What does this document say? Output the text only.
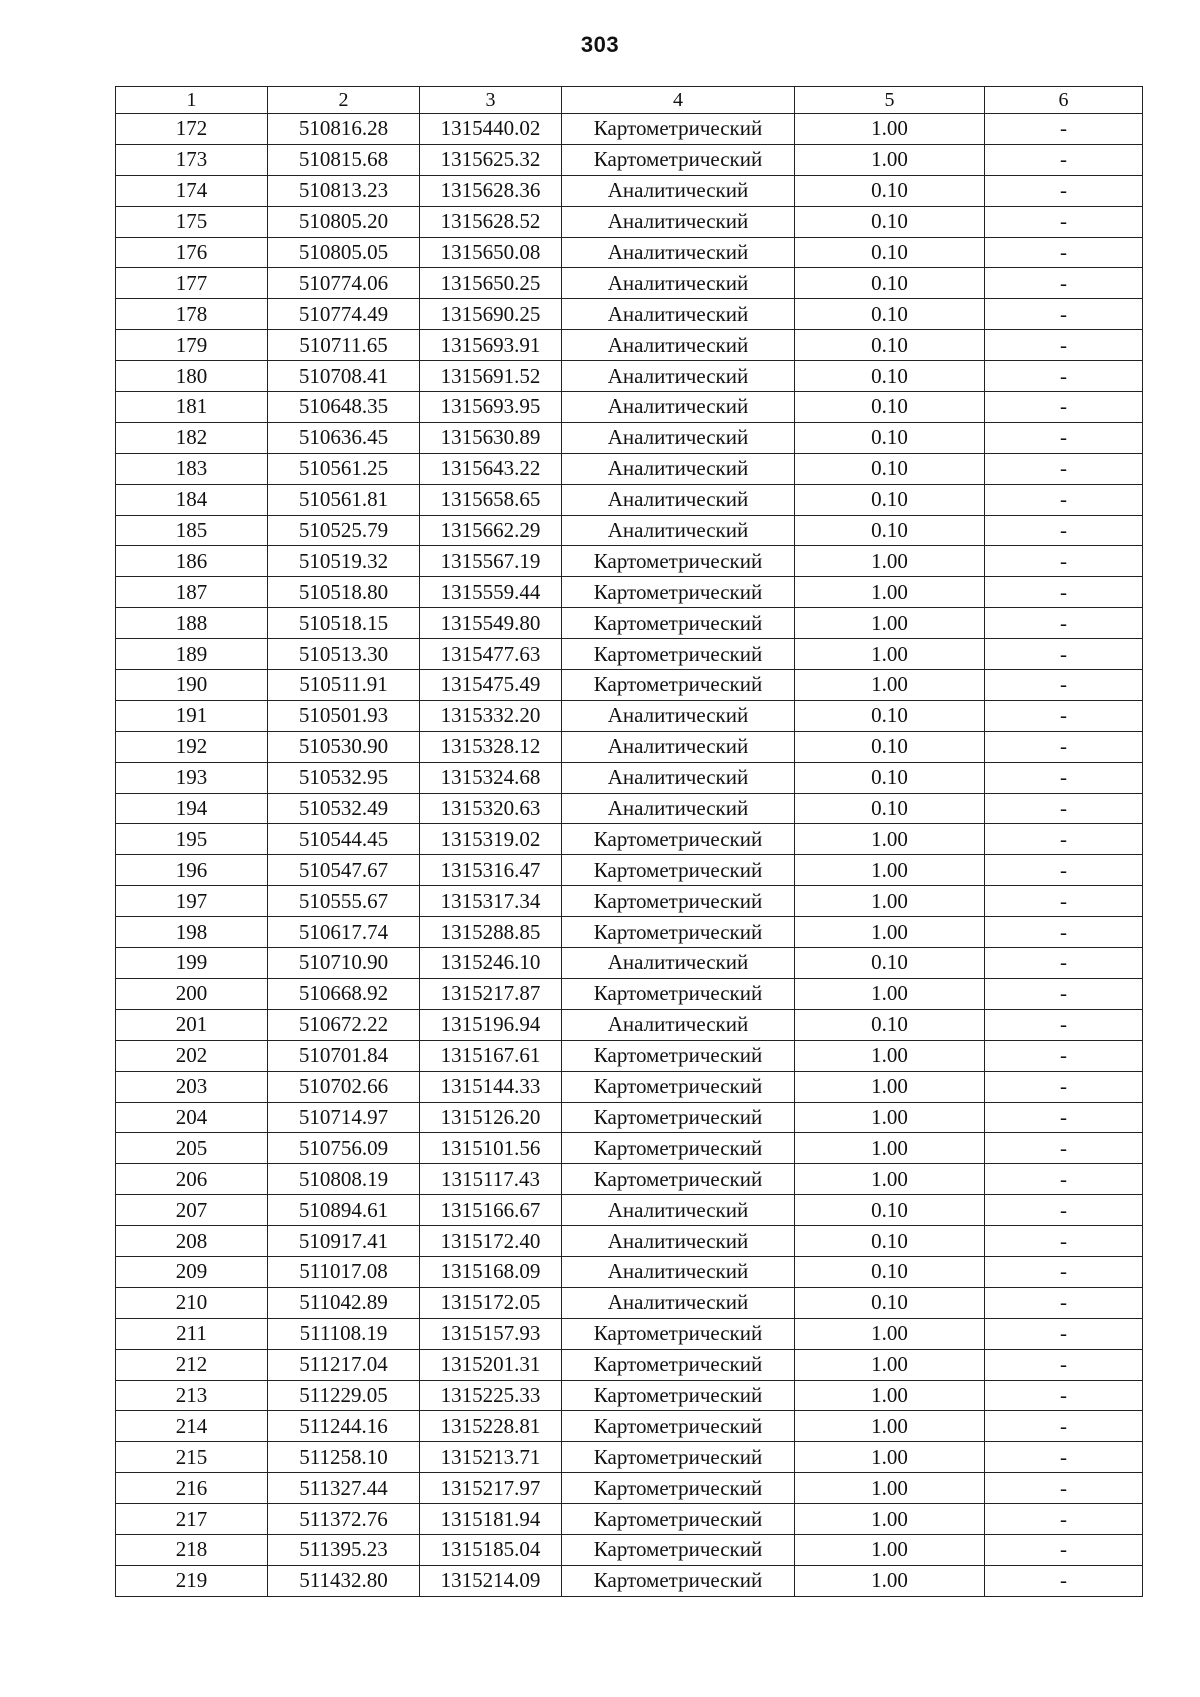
303
1	2	3	4	5	6
172	510816.28	1315440.02	Картометрический	1.00	-
173	510815.68	1315625.32	Картометрический	1.00	-
174	510813.23	1315628.36	Аналитический	0.10	-
175	510805.20	1315628.52	Аналитический	0.10	-
176	510805.05	1315650.08	Аналитический	0.10	-
177	510774.06	1315650.25	Аналитический	0.10	-
178	510774.49	1315690.25	Аналитический	0.10	-
179	510711.65	1315693.91	Аналитический	0.10	-
180	510708.41	1315691.52	Аналитический	0.10	-
181	510648.35	1315693.95	Аналитический	0.10	-
182	510636.45	1315630.89	Аналитический	0.10	-
183	510561.25	1315643.22	Аналитический	0.10	-
184	510561.81	1315658.65	Аналитический	0.10	-
185	510525.79	1315662.29	Аналитический	0.10	-
186	510519.32	1315567.19	Картометрический	1.00	-
187	510518.80	1315559.44	Картометрический	1.00	-
188	510518.15	1315549.80	Картометрический	1.00	-
189	510513.30	1315477.63	Картометрический	1.00	-
190	510511.91	1315475.49	Картометрический	1.00	-
191	510501.93	1315332.20	Аналитический	0.10	-
192	510530.90	1315328.12	Аналитический	0.10	-
193	510532.95	1315324.68	Аналитический	0.10	-
194	510532.49	1315320.63	Аналитический	0.10	-
195	510544.45	1315319.02	Картометрический	1.00	-
196	510547.67	1315316.47	Картометрический	1.00	-
197	510555.67	1315317.34	Картометрический	1.00	-
198	510617.74	1315288.85	Картометрический	1.00	-
199	510710.90	1315246.10	Аналитический	0.10	-
200	510668.92	1315217.87	Картометрический	1.00	-
201	510672.22	1315196.94	Аналитический	0.10	-
202	510701.84	1315167.61	Картометрический	1.00	-
203	510702.66	1315144.33	Картометрический	1.00	-
204	510714.97	1315126.20	Картометрический	1.00	-
205	510756.09	1315101.56	Картометрический	1.00	-
206	510808.19	1315117.43	Картометрический	1.00	-
207	510894.61	1315166.67	Аналитический	0.10	-
208	510917.41	1315172.40	Аналитический	0.10	-
209	511017.08	1315168.09	Аналитический	0.10	-
210	511042.89	1315172.05	Аналитический	0.10	-
211	511108.19	1315157.93	Картометрический	1.00	-
212	511217.04	1315201.31	Картометрический	1.00	-
213	511229.05	1315225.33	Картометрический	1.00	-
214	511244.16	1315228.81	Картометрический	1.00	-
215	511258.10	1315213.71	Картометрический	1.00	-
216	511327.44	1315217.97	Картометрический	1.00	-
217	511372.76	1315181.94	Картометрический	1.00	-
218	511395.23	1315185.04	Картометрический	1.00	-
219	511432.80	1315214.09	Картометрический	1.00	-
